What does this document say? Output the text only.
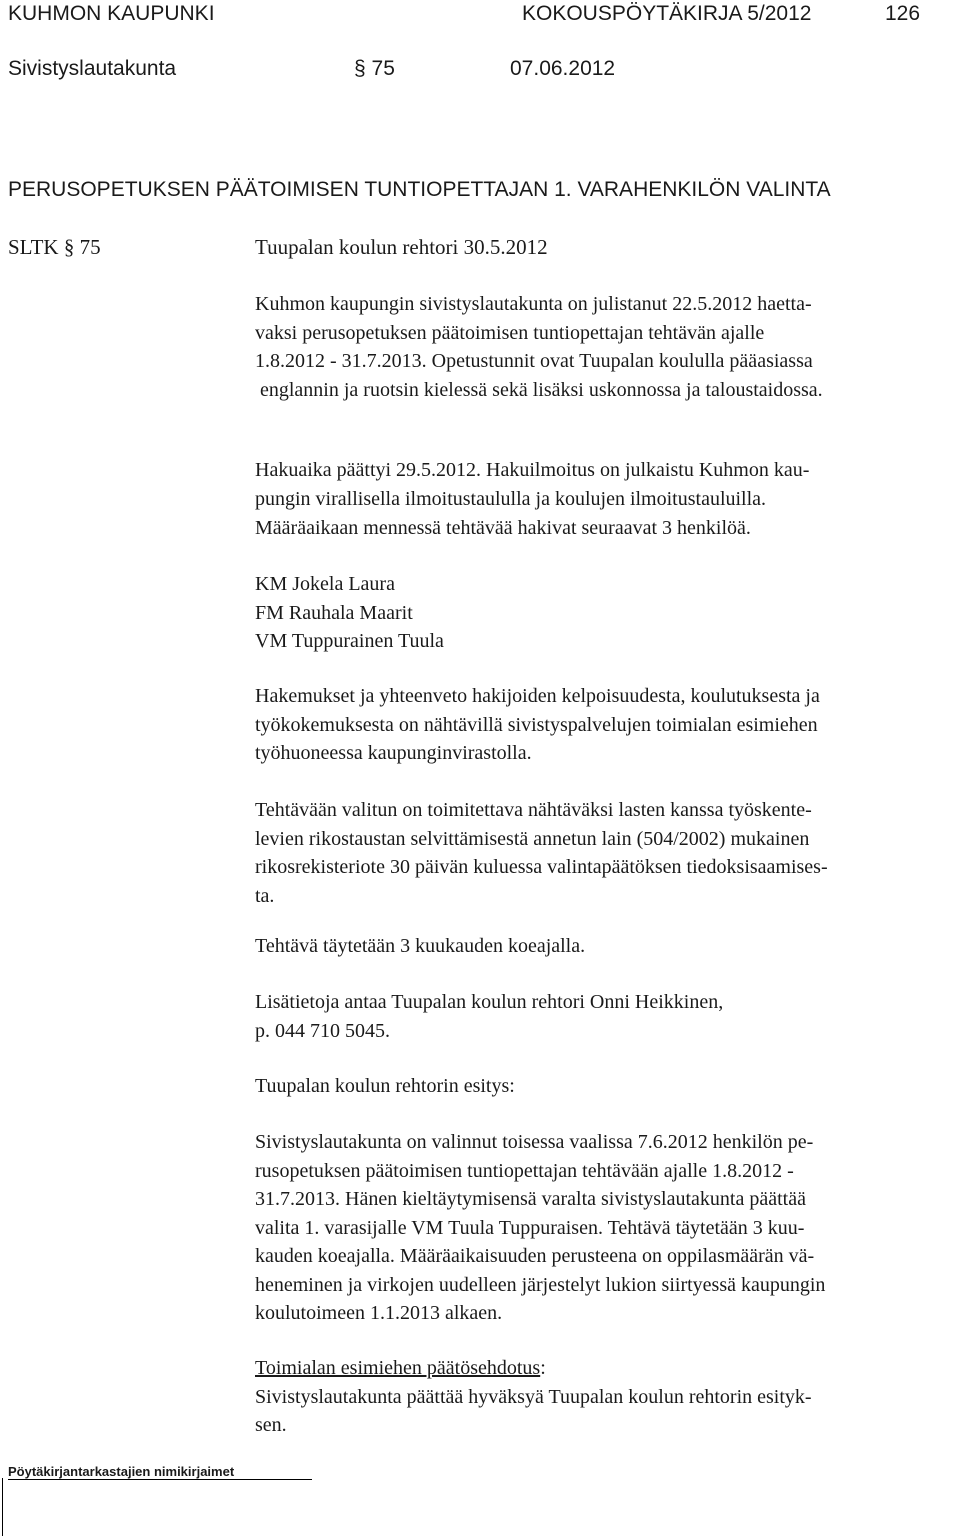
KUHMON KAUPUNKI	KOKOUSPÖYTÄKIRJA 5/2012	126
Sivistyslautakunta	§ 75	07.06.2012
PERUSOPETUKSEN PÄÄTOIMISEN TUNTIOPETTAJAN 1. VARAHENKILÖN VALINTA
SLTK § 75	Tuupalan koulun rehtori 30.5.2012
Kuhmon kaupungin sivistyslautakunta on julistanut 22.5.2012 haetta-
vaksi perusopetuksen päätoimisen tuntiopettajan tehtävän ajalle
1.8.2012 - 31.7.2013. Opetustunnit ovat Tuupalan koululla pääasiassa
englannin ja ruotsin kielessä sekä lisäksi uskonnossa ja taloustaidossa.
Hakuaika päättyi 29.5.2012. Hakuilmoitus on julkaistu Kuhmon kau-
pungin virallisella ilmoitustaululla ja koulujen ilmoitustauluilla.
Määräaikaan mennessä tehtävää hakivat seuraavat 3 henkilöä.
KM Jokela Laura
FM Rauhala Maarit
VM Tuppurainen Tuula
Hakemukset ja yhteenveto hakijoiden kelpoisuudesta, koulutuksesta ja
työkokemuksesta on nähtävillä sivistyspalvelujen toimialan esimiehen
työhuoneessa kaupunginvirastolla.
Tehtävään valitun on toimitettava nähtäväksi lasten kanssa työskente-
levien rikostaustan selvittämisestä annetun lain (504/2002) mukainen
rikosrekisteriote 30 päivän kuluessa valintapäätöksen tiedoksisaamises-
ta.
Tehtävä täytetään 3 kuukauden koeajalla.
Lisätietoja antaa Tuupalan koulun rehtori Onni Heikkinen,
p. 044 710 5045.
Tuupalan koulun rehtorin esitys:
Sivistyslautakunta on valinnut toisessa vaalissa 7.6.2012 henkilön pe-
rusopetuksen päätoimisen tuntiopettajan tehtävään ajalle 1.8.2012 -
31.7.2013. Hänen kieltäytymisensä varalta sivistyslautakunta päättää
valita 1. varasijalle VM Tuula Tuppuraisen. Tehtävä täytetään 3 kuu-
kauden koeajalla. Määräaikaisuuden perusteena on oppilasmäärän vä-
heneminen ja virkojen uudelleen järjestelyt lukion siirtyessä kaupungin
koulutoimeen 1.1.2013 alkaen.
Toimialan esimiehen päätösehdotus:
Sivistyslautakunta päättää hyväksyä Tuupalan koulun rehtorin esityk-
sen.
Pöytäkirjantarkastajien nimikirjaimet
